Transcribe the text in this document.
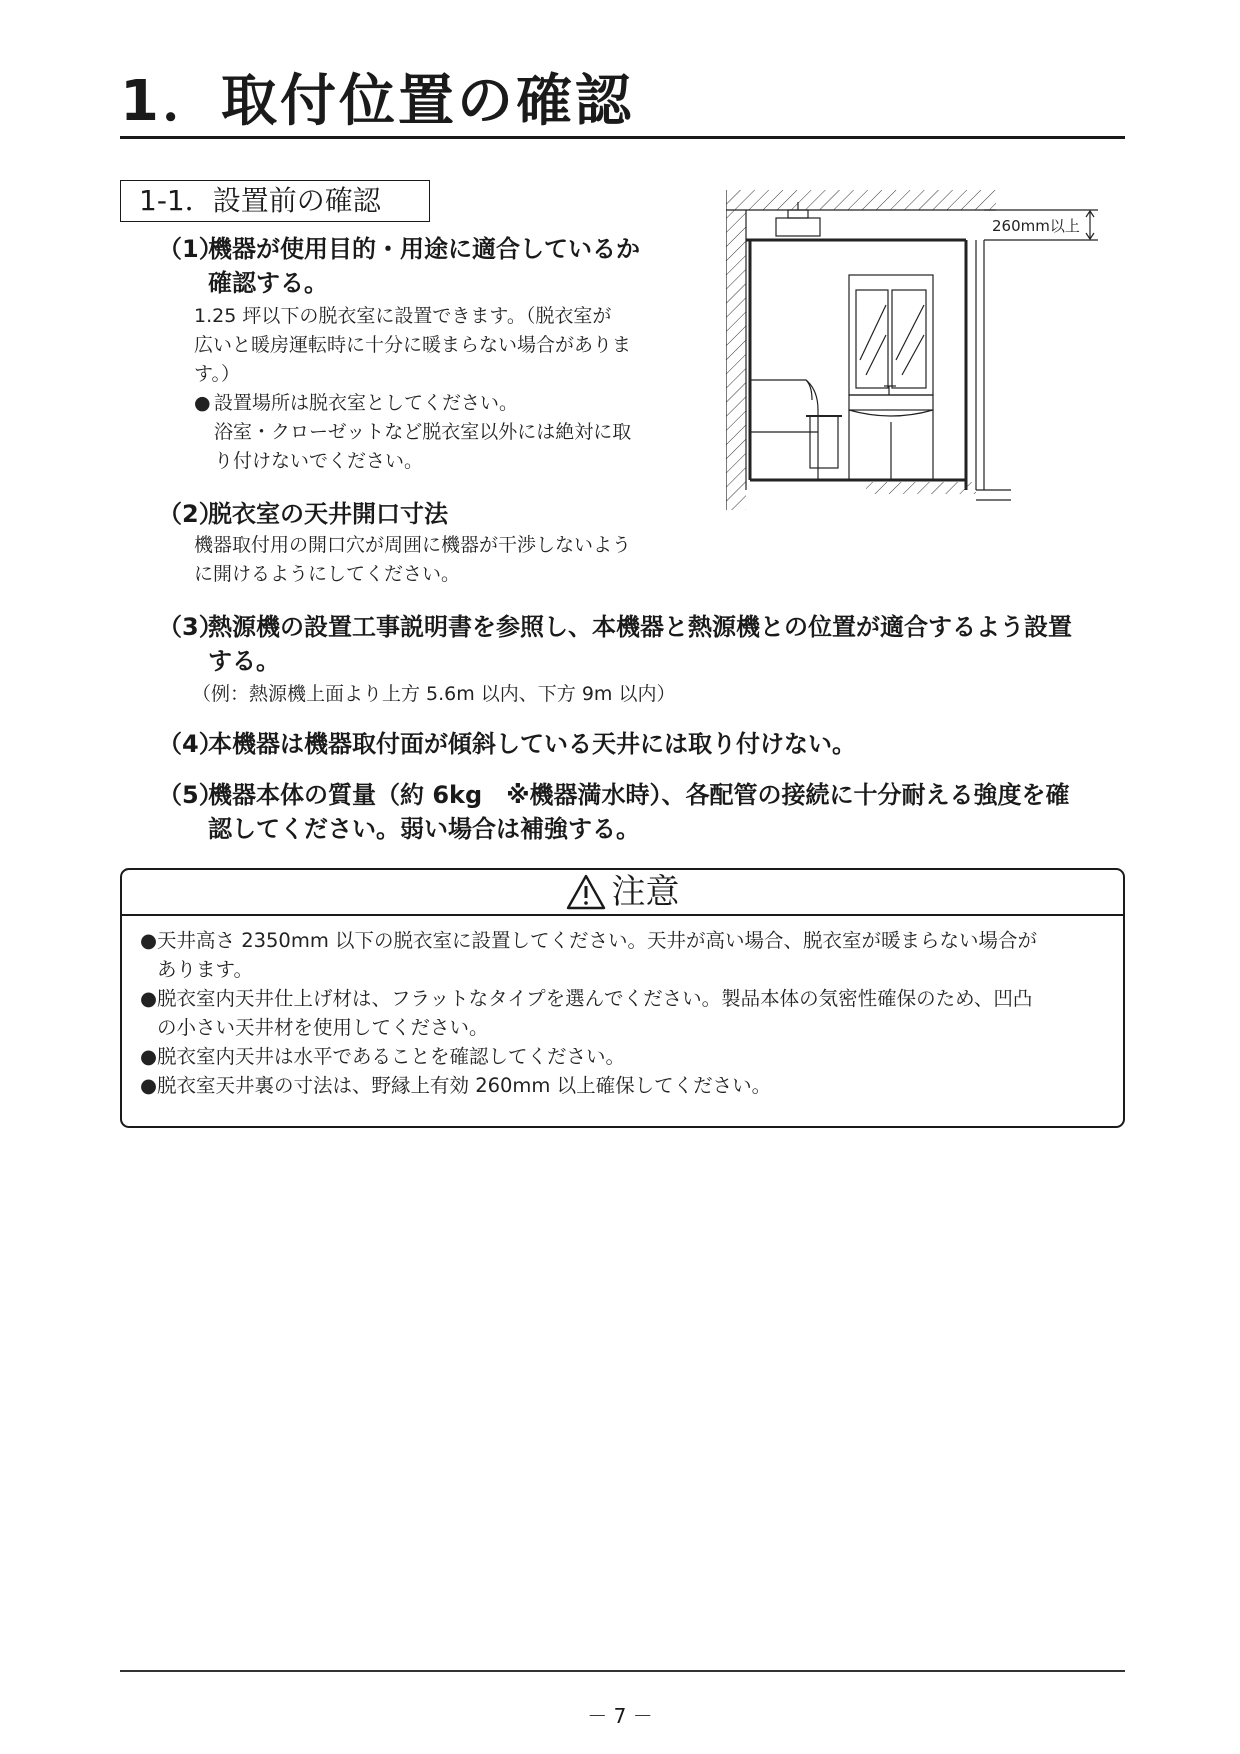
1．取付位置の確認
1-1．設置前の確認
（1）機器が使用目的・用途に適合しているか
確認する。
1.25 坪以下の脱衣室に設置できます。（脱衣室が
広いと暖房運転時に十分に暖まらない場合がありま
す。）
● 設置場所は脱衣室としてください。
浴室・クローゼットなど脱衣室以外には絶対に取
り付けないでください。
（2）脱衣室の天井開口寸法
機器取付用の開口穴が周囲に機器が干渉しないよう
に開けるようにしてください。
（3）熱源機の設置工事説明書を参照し、本機器と熱源機との位置が適合するよう設置
する。
（例：熱源機上面より上方 5.6m 以内、下方 9m 以内）
（4）本機器は機器取付面が傾斜している天井には取り付けない。
（5）機器本体の質量（約 6kg　※機器満水時）、各配管の接続に十分耐える強度を確
認してください。弱い場合は補強する。
260mm以上
注意
●天井高さ 2350mm 以下の脱衣室に設置してください。天井が高い場合、脱衣室が暖まらない場合が
あります。
●脱衣室内天井仕上げ材は、フラットなタイプを選んでください。製品本体の気密性確保のため、凹凸
の小さい天井材を使用してください。
●脱衣室内天井は水平であることを確認してください。
●脱衣室天井裏の寸法は、野縁上有効 260mm 以上確保してください。
－ 7 －
